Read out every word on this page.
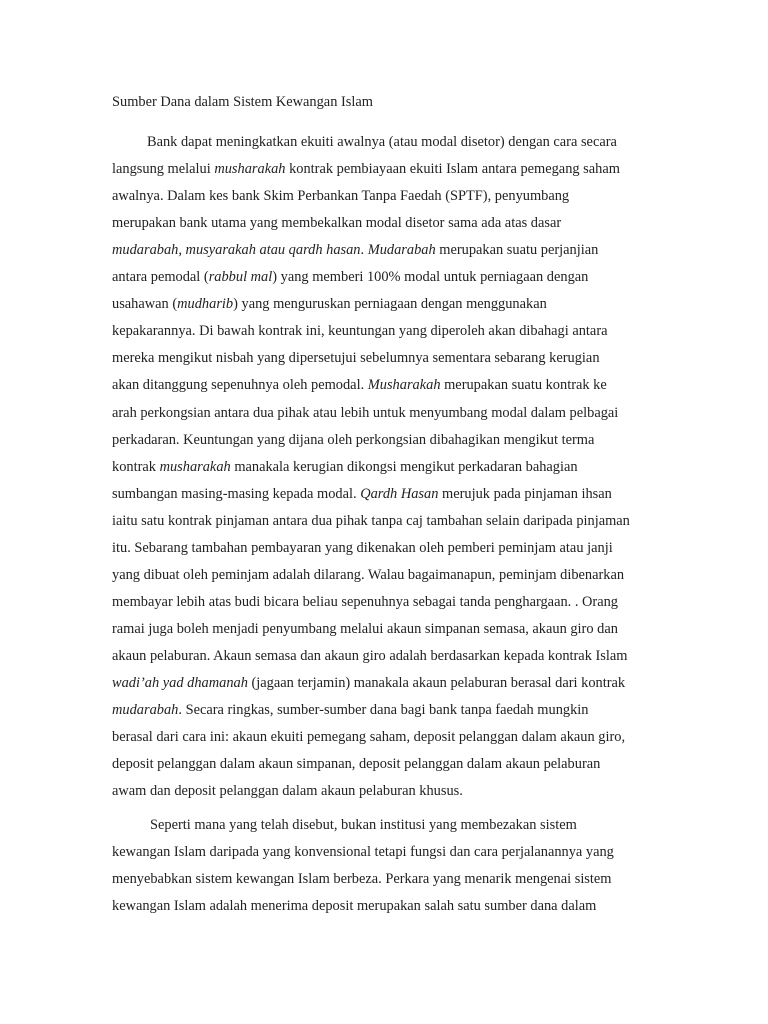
Sumber Dana dalam Sistem Kewangan Islam
Bank dapat meningkatkan ekuiti awalnya (atau modal disetor) dengan cara secara
langsung melalui musharakah kontrak pembiayaan ekuiti Islam antara pemegang saham
awalnya. Dalam kes bank Skim Perbankan Tanpa Faedah (SPTF), penyumbang
merupakan bank utama yang membekalkan modal disetor sama ada atas dasar
mudarabah, musyarakah atau qardh hasan. Mudarabah merupakan suatu perjanjian
antara pemodal (rabbul mal) yang memberi 100% modal untuk perniagaan dengan
usahawan (mudharib) yang menguruskan perniagaan dengan menggunakan
kepakarannya. Di bawah kontrak ini, keuntungan yang diperoleh akan dibahagi antara
mereka mengikut nisbah yang dipersetujui sebelumnya sementara sebarang kerugian
akan ditanggung sepenuhnya oleh pemodal. Musharakah merupakan suatu kontrak ke
arah perkongsian antara dua pihak atau lebih untuk menyumbang modal dalam pelbagai
perkadaran. Keuntungan yang dijana oleh perkongsian dibahagikan mengikut terma
kontrak musharakah manakala kerugian dikongsi mengikut perkadaran bahagian
sumbangan masing-masing kepada modal. Qardh Hasan merujuk pada pinjaman ihsan
iaitu satu kontrak pinjaman antara dua pihak tanpa caj tambahan selain daripada pinjaman
itu. Sebarang tambahan pembayaran yang dikenakan oleh pemberi peminjam atau janji
yang dibuat oleh peminjam adalah dilarang. Walau bagaimanapun, peminjam dibenarkan
membayar lebih atas budi bicara beliau sepenuhnya sebagai tanda penghargaan. . Orang
ramai juga boleh menjadi penyumbang melalui akaun simpanan semasa, akaun giro dan
akaun pelaburan. Akaun semasa dan akaun giro adalah berdasarkan kepada kontrak Islam
wadi’ah yad dhamanah (jagaan terjamin) manakala akaun pelaburan berasal dari kontrak
mudarabah. Secara ringkas, sumber-sumber dana bagi bank tanpa faedah mungkin
berasal dari cara ini: akaun ekuiti pemegang saham, deposit pelanggan dalam akaun giro,
deposit pelanggan dalam akaun simpanan, deposit pelanggan dalam akaun pelaburan
awam dan deposit pelanggan dalam akaun pelaburan khusus.
Seperti mana yang telah disebut, bukan institusi yang membezakan sistem
kewangan Islam daripada yang konvensional tetapi fungsi dan cara perjalanannya yang
menyebabkan sistem kewangan Islam berbeza. Perkara yang menarik mengenai sistem
kewangan Islam adalah menerima deposit merupakan salah satu sumber dana dalam
